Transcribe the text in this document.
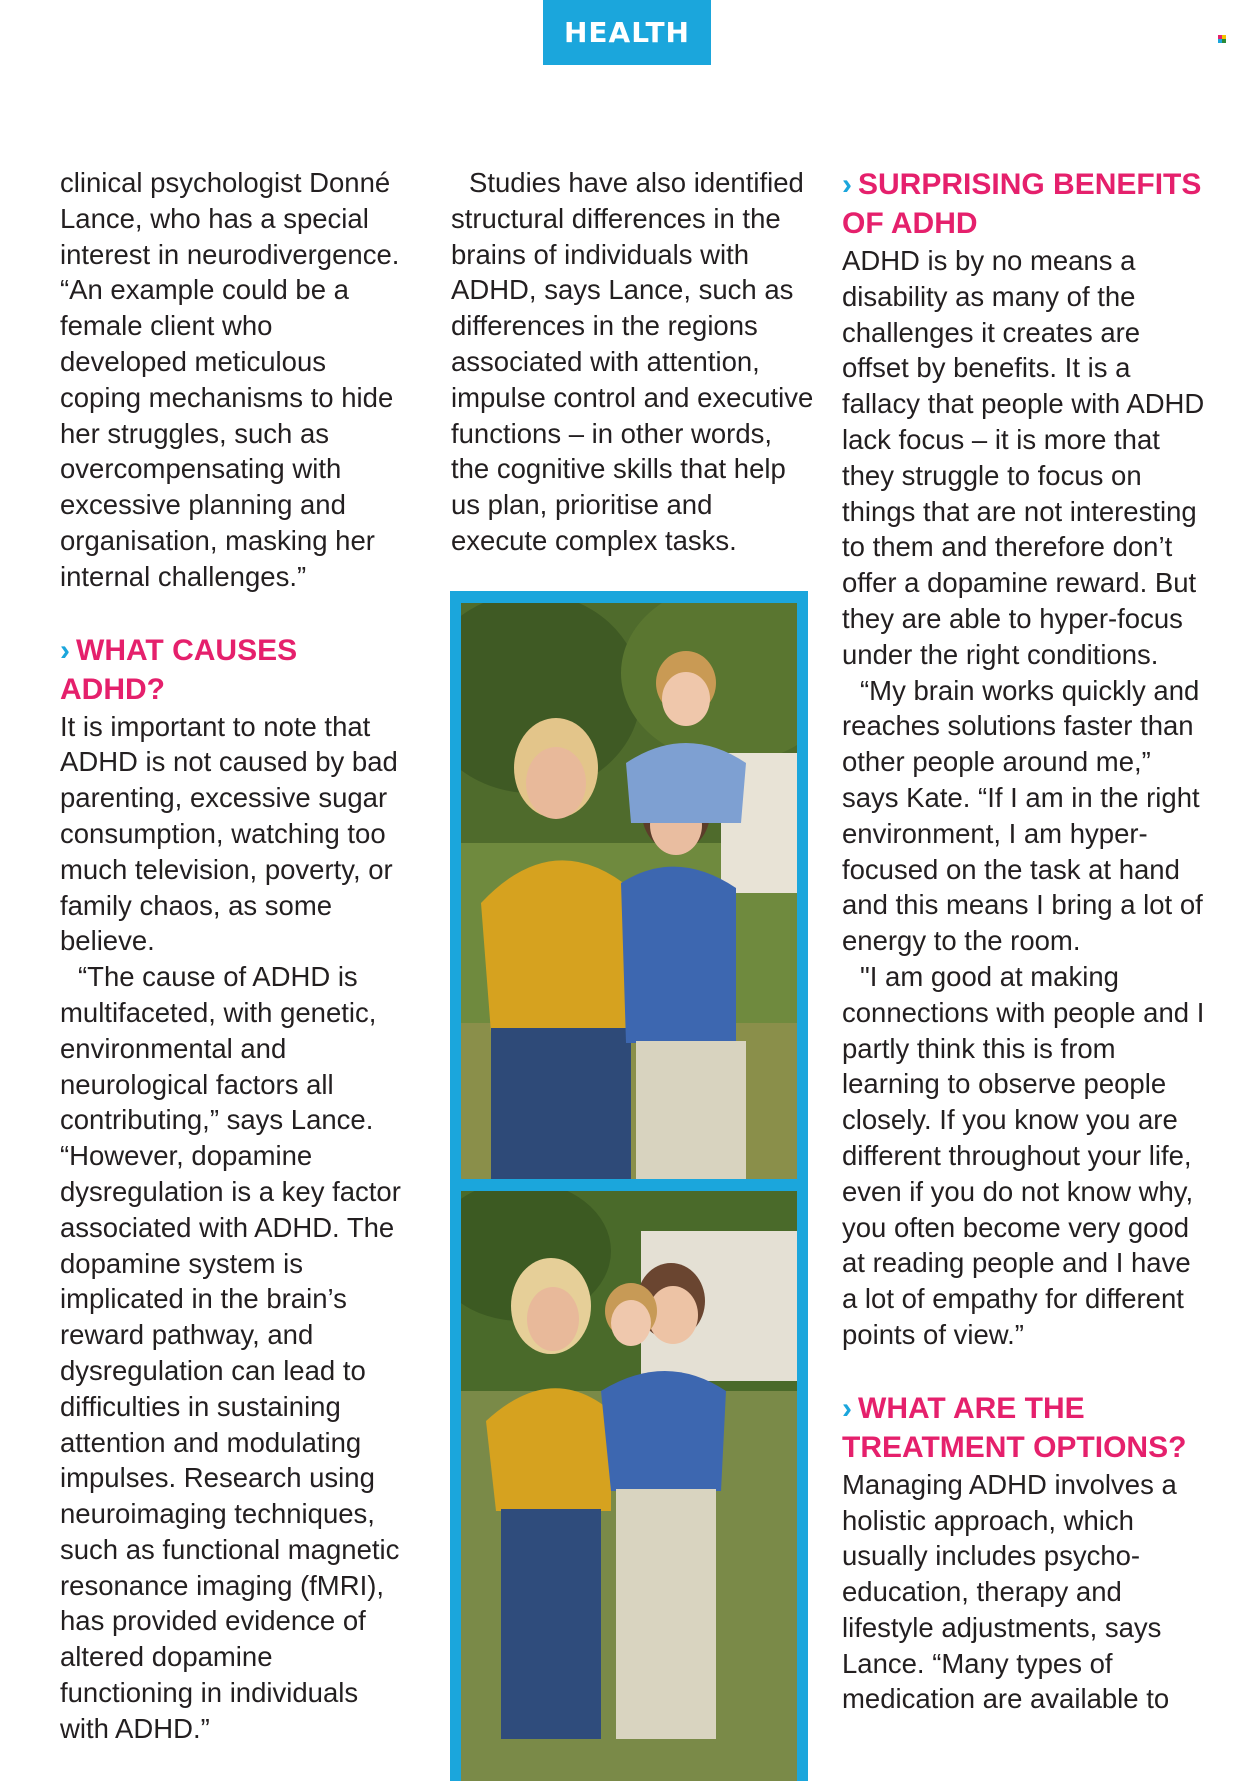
HEALTH

clinical psychologist Donné Lance, who has a special interest in neurodivergence. “An example could be a female client who developed meticulous coping mechanisms to hide her struggles, such as overcompensating with excessive planning and organisation, masking her internal challenges.”

› WHAT CAUSES ADHD?

It is important to note that ADHD is not caused by bad parenting, excessive sugar consumption, watching too much television, poverty, or family chaos, as some believe.

“The cause of ADHD is multifaceted, with genetic, environmental and neurological factors all contributing,” says Lance. “However, dopamine dysregulation is a key factor associated with ADHD. The dopamine system is implicated in the brain’s reward pathway, and dysregulation can lead to difficulties in sustaining attention and modulating impulses. Research using neuroimaging techniques, such as functional magnetic resonance imaging (fMRI), has provided evidence of altered dopamine functioning in individuals with ADHD.”

Studies have also identified structural differences in the brains of individuals with ADHD, says Lance, such as differences in the regions associated with attention, impulse control and executive functions – in other words, the cognitive skills that help us plan, prioritise and execute complex tasks.

› SURPRISING BENEFITS OF ADHD

ADHD is by no means a disability as many of the challenges it creates are offset by benefits. It is a fallacy that people with ADHD lack focus – it is more that they struggle to focus on things that are not interesting to them and therefore don’t offer a dopamine reward. But they are able to hyper-focus under the right conditions.

“My brain works quickly and reaches solutions faster than other people around me,” says Kate. “If I am in the right environment, I am hyper-focused on the task at hand and this means I bring a lot of energy to the room.

"I am good at making connections with people and I partly think this is from learning to observe people closely. If you know you are different throughout your life, even if you do not know why, you often become very good at reading people and I have a lot of empathy for different points of view.”

› WHAT ARE THE TREATMENT OPTIONS?

Managing ADHD involves a holistic approach, which usually includes psycho-education, therapy and lifestyle adjustments, says Lance. “Many types of medication are available to
